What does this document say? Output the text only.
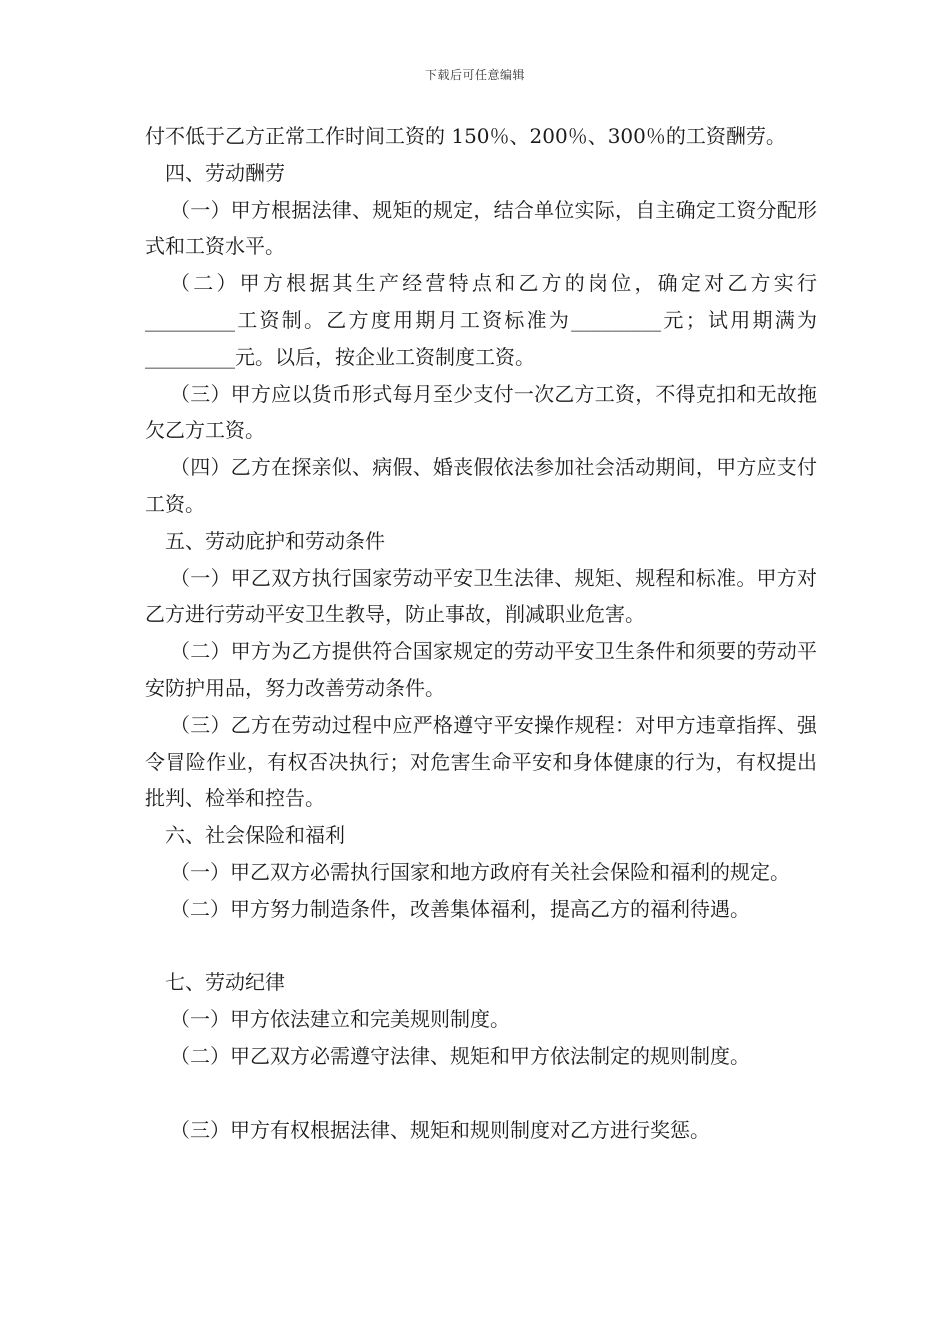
下载后可任意编辑

付不低于乙方正常工作时间工资的 150％、200％、300％的工资酬劳。

四、劳动酬劳

（一）甲方根据法律、规矩的规定，结合单位实际，自主确定工资分配形式和工资水平。

（二）甲方根据其生产经营特点和乙方的岗位，确定对乙方实行_________工资制。乙方度用期月工资标准为_________元；试用期满为_________元。以后，按企业工资制度工资。

（三）甲方应以货币形式每月至少支付一次乙方工资，不得克扣和无故拖欠乙方工资。

（四）乙方在探亲似、病假、婚丧假依法参加社会活动期间，甲方应支付工资。

五、劳动庇护和劳动条件

（一）甲乙双方执行国家劳动平安卫生法律、规矩、规程和标准。甲方对乙方进行劳动平安卫生教导，防止事故，削减职业危害。

（二）甲方为乙方提供符合国家规定的劳动平安卫生条件和须要的劳动平安防护用品，努力改善劳动条件。

（三）乙方在劳动过程中应严格遵守平安操作规程：对甲方违章指挥、强令冒险作业，有权否决执行；对危害生命平安和身体健康的行为，有权提出批判、检举和控告。

六、社会保险和福利

（一）甲乙双方必需执行国家和地方政府有关社会保险和福利的规定。

（二）甲方努力制造条件，改善集体福利，提高乙方的福利待遇。

七、劳动纪律

（一）甲方依法建立和完美规则制度。

（二）甲乙双方必需遵守法律、规矩和甲方依法制定的规则制度。

（三）甲方有权根据法律、规矩和规则制度对乙方进行奖惩。
